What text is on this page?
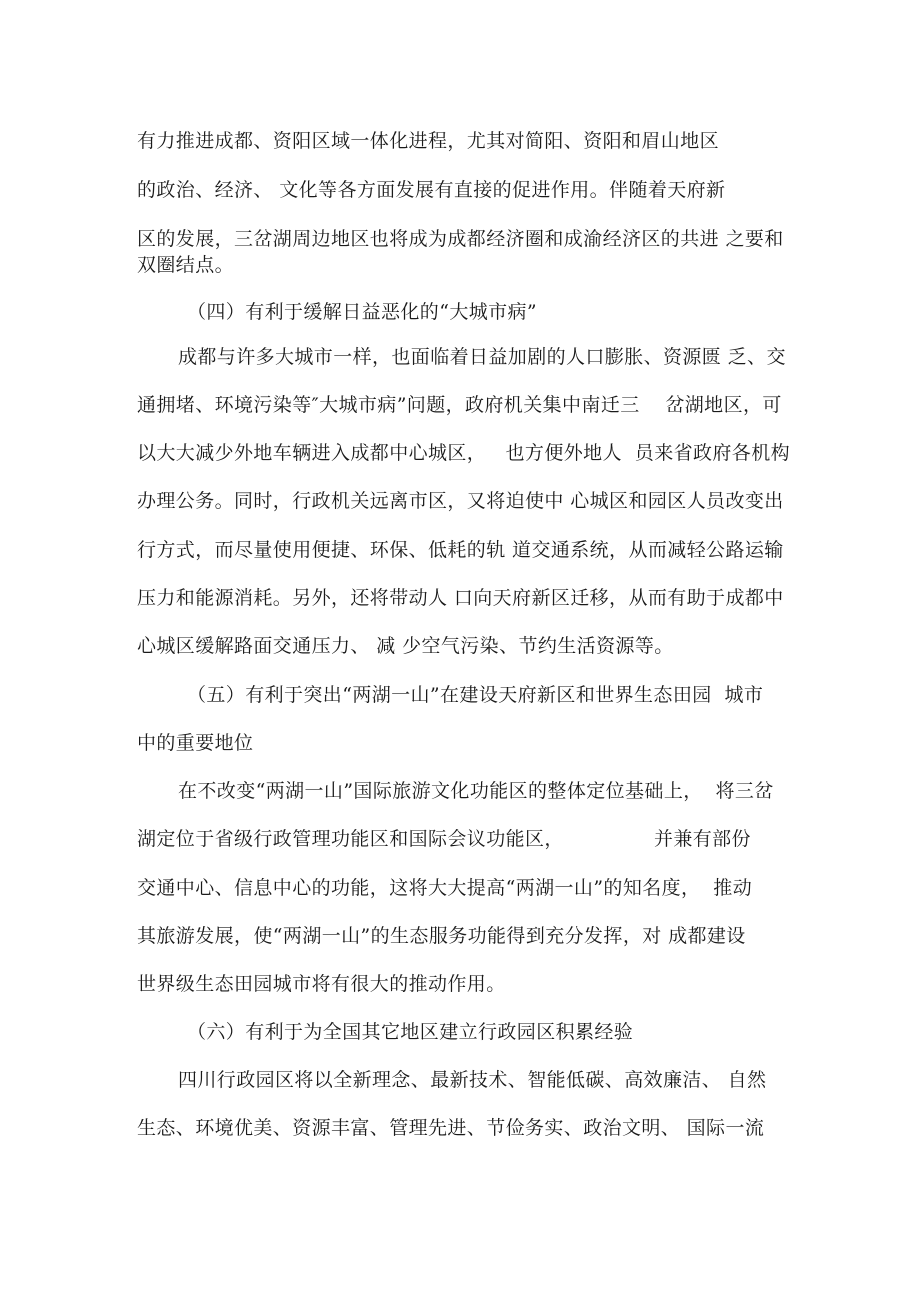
有力推进成都、资阳区域一体化进程，尤其对简阳、资阳和眉山地区
的政治、经济、 文化等各方面发展有直接的促进作用。伴随着天府新
区的发展，三岔湖周边地区也将成为成都经济圈和成渝经济区的共进 之要和
双圈结点。
（四）有利于缓解日益恶化的“大城市病”
成都与许多大城市一样，也面临着日益加剧的人口膨胀、资源匮 乏、交
通拥堵、环境污染等″大城市病”问题，政府机关集中南迁三    岔湖地区，可
以大大减少外地车辆进入成都中心城区，   也方便外地人  员来省政府各机构
办理公务。同时，行政机关远离市区，又将迫使中 心城区和园区人员改变出
行方式，而尽量使用便捷、环保、低耗的轨 道交通系统，从而减轻公路运输
压力和能源消耗。另外，还将带动人 口向天府新区迁移，从而有助于成都中
心城区缓解路面交通压力、 减 少空气污染、节约生活资源等。
（五）有利于突出“两湖一山”在建设天府新区和世界生态田园  城市
中的重要地位
在不改变“两湖一山”国际旅游文化功能区的整体定位基础上，  将三岔
湖定位于省级行政管理功能区和国际会议功能区，              并兼有部份
交通中心、信息中心的功能，这将大大提高“两湖一山”的知名度，  推动
其旅游发展，使“两湖一山”的生态服务功能得到充分发挥，对 成都建设
世界级生态田园城市将有很大的推动作用。
（六）有利于为全国其它地区建立行政园区积累经验
四川行政园区将以全新理念、最新技术、智能低碳、高效廉洁、 自然
生态、环境优美、资源丰富、管理先进、节俭务实、政治文明、 国际一流
